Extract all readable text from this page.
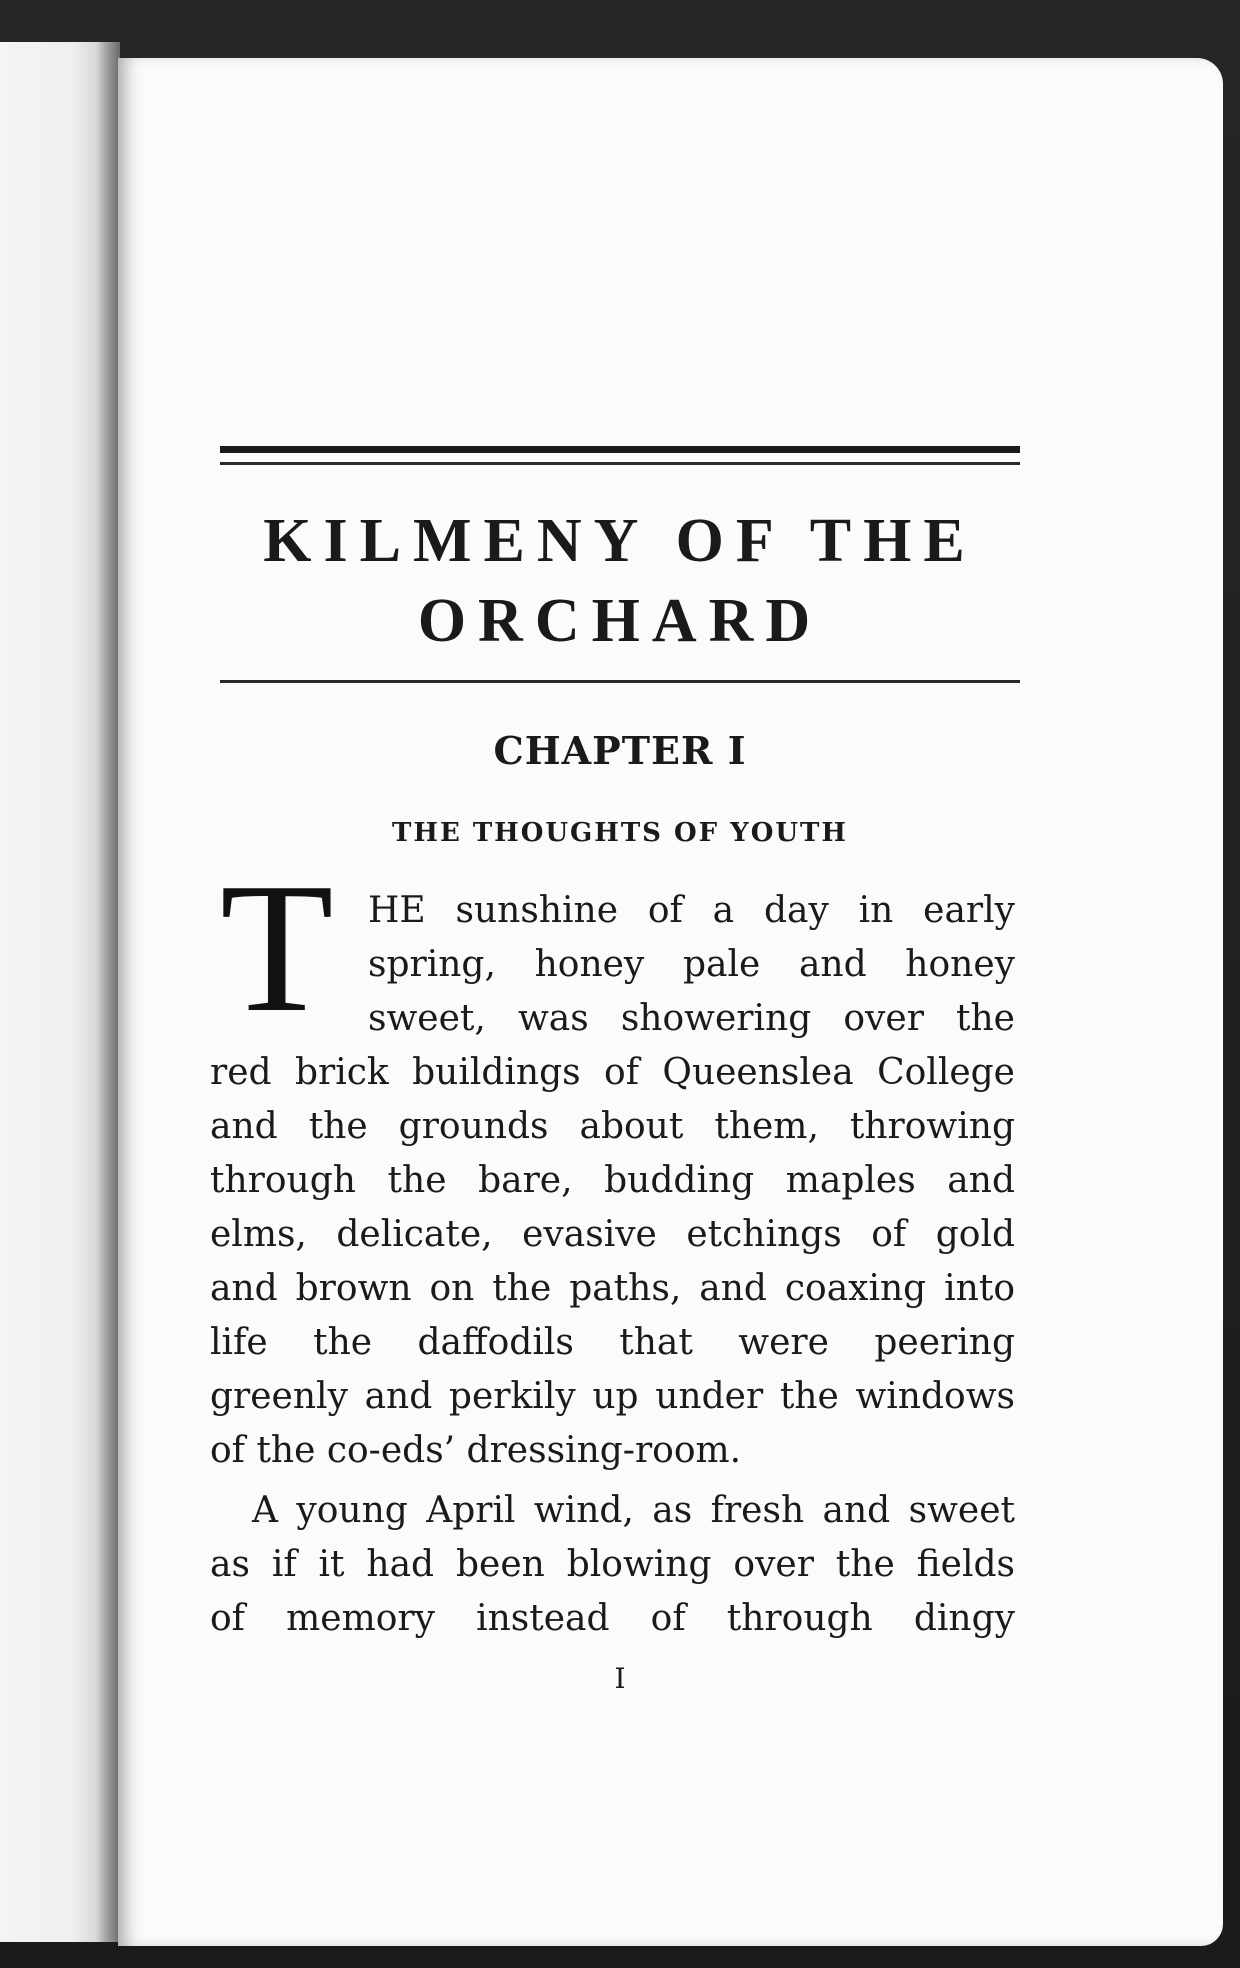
KILMENY OF THE
ORCHARD
CHAPTER I
THE THOUGHTS OF YOUTH
T HE sunshine of a day in early
spring, honey pale and honey
sweet, was showering over the
red brick buildings of Queenslea College
and the grounds about them, throwing
through the bare, budding maples and
elms, delicate, evasive etchings of gold
and brown on the paths, and coaxing into
life the daffodils that were peering
greenly and perkily up under the windows
of the co-eds’ dressing-room.
A young April wind, as fresh and sweet
as if it had been blowing over the fields
of memory instead of through dingy
I
